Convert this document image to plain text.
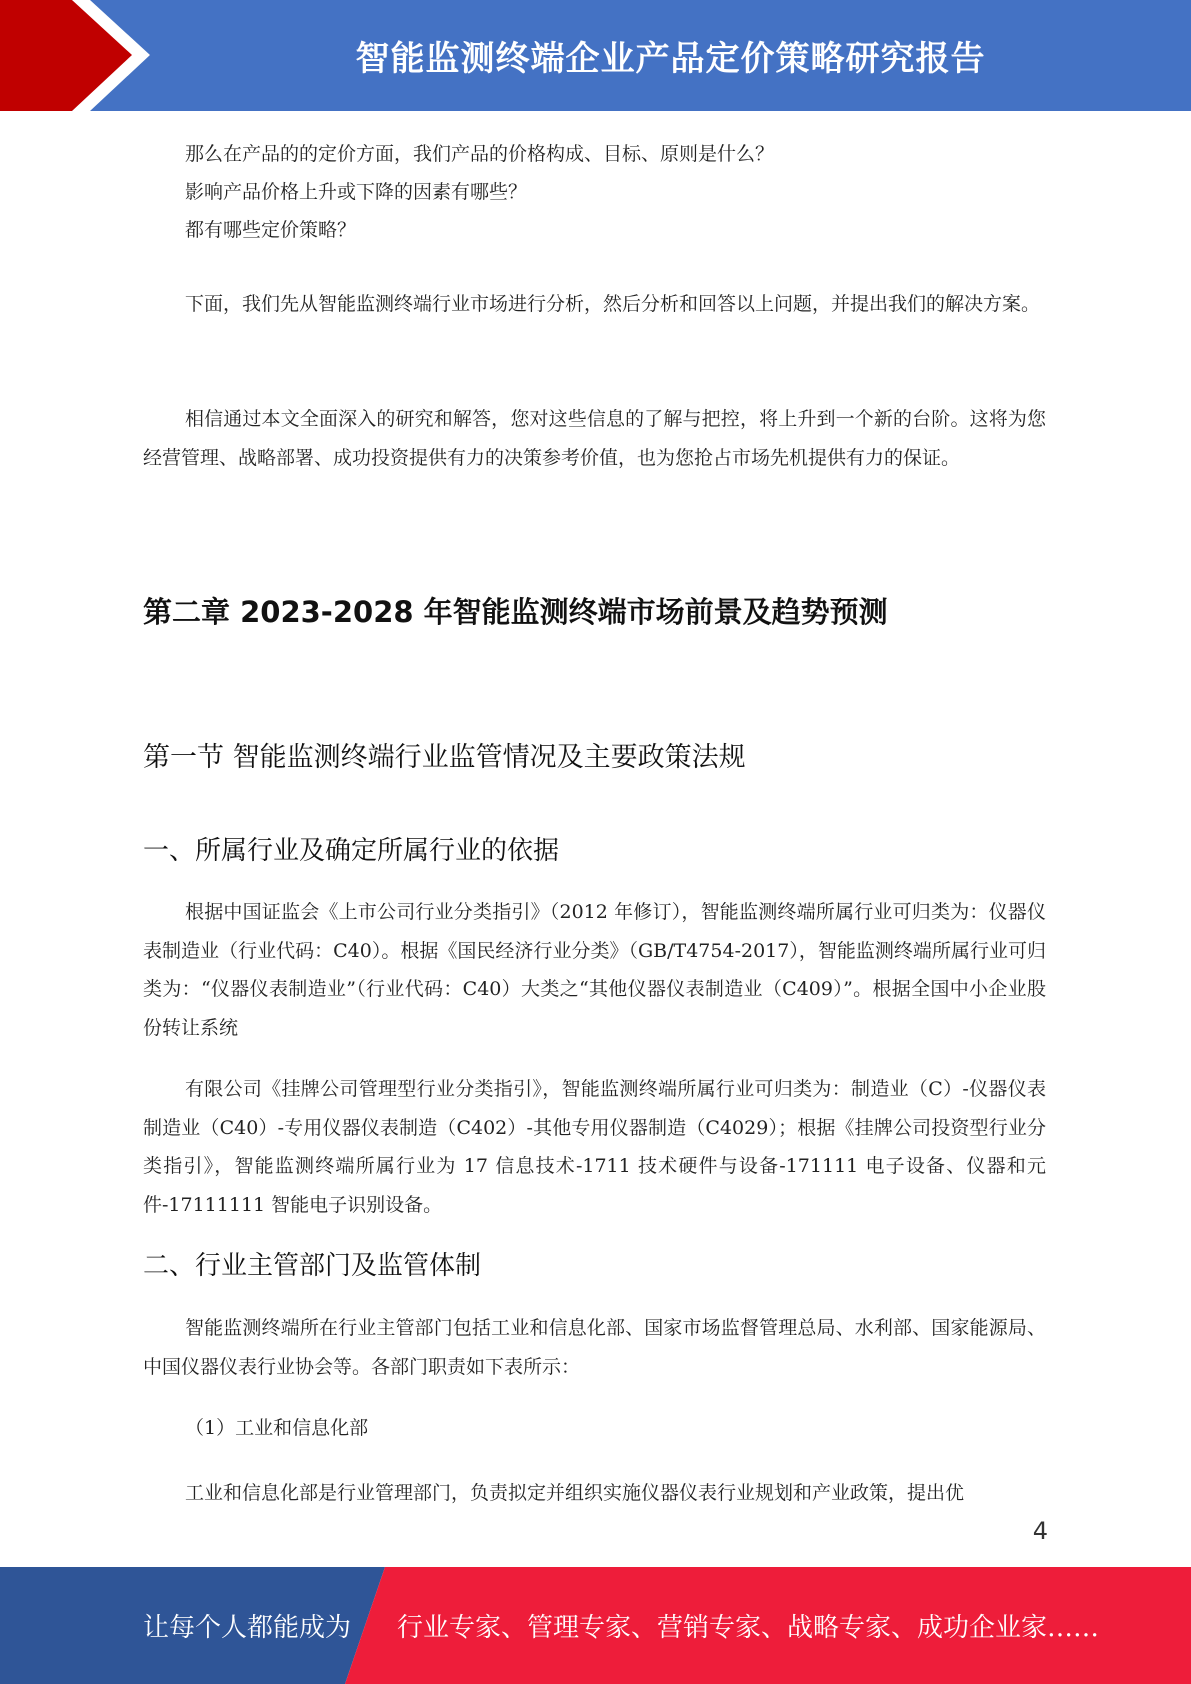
智能监测终端企业产品定价策略研究报告
那么在产品的的定价方面，我们产品的价格构成、目标、原则是什么？
影响产品价格上升或下降的因素有哪些？
都有哪些定价策略？
下面，我们先从智能监测终端行业市场进行分析，然后分析和回答以上问题，并提出我们的解决方案。
相信通过本文全面深入的研究和解答，您对这些信息的了解与把控，将上升到一个新的台阶。这将为您经营管理、战略部署、成功投资提供有力的决策参考价值，也为您抢占市场先机提供有力的保证。
第二章 2023-2028 年智能监测终端市场前景及趋势预测
第一节 智能监测终端行业监管情况及主要政策法规
一、所属行业及确定所属行业的依据
根据中国证监会《上市公司行业分类指引》（2012 年修订），智能监测终端所属行业可归类为：仪器仪表制造业（行业代码：C40）。根据《国民经济行业分类》（GB/T4754-2017），智能监测终端所属行业可归类为：“仪器仪表制造业”（行业代码：C40）大类之“其他仪器仪表制造业（C409）”。根据全国中小企业股份转让系统
有限公司《挂牌公司管理型行业分类指引》，智能监测终端所属行业可归类为：制造业（C）-仪器仪表制造业（C40）-专用仪器仪表制造（C402）-其他专用仪器制造（C4029）；根据《挂牌公司投资型行业分类指引》，智能监测终端所属行业为 17 信息技术-1711 技术硬件与设备-171111 电子设备、仪器和元件-17111111 智能电子识别设备。
二、行业主管部门及监管体制
智能监测终端所在行业主管部门包括工业和信息化部、国家市场监督管理总局、水利部、国家能源局、中国仪器仪表行业协会等。各部门职责如下表所示：
（1）工业和信息化部
工业和信息化部是行业管理部门，负责拟定并组织实施仪器仪表行业规划和产业政策，提出优
4
让每个人都能成为 行业专家、管理专家、营销专家、战略专家、成功企业家……
